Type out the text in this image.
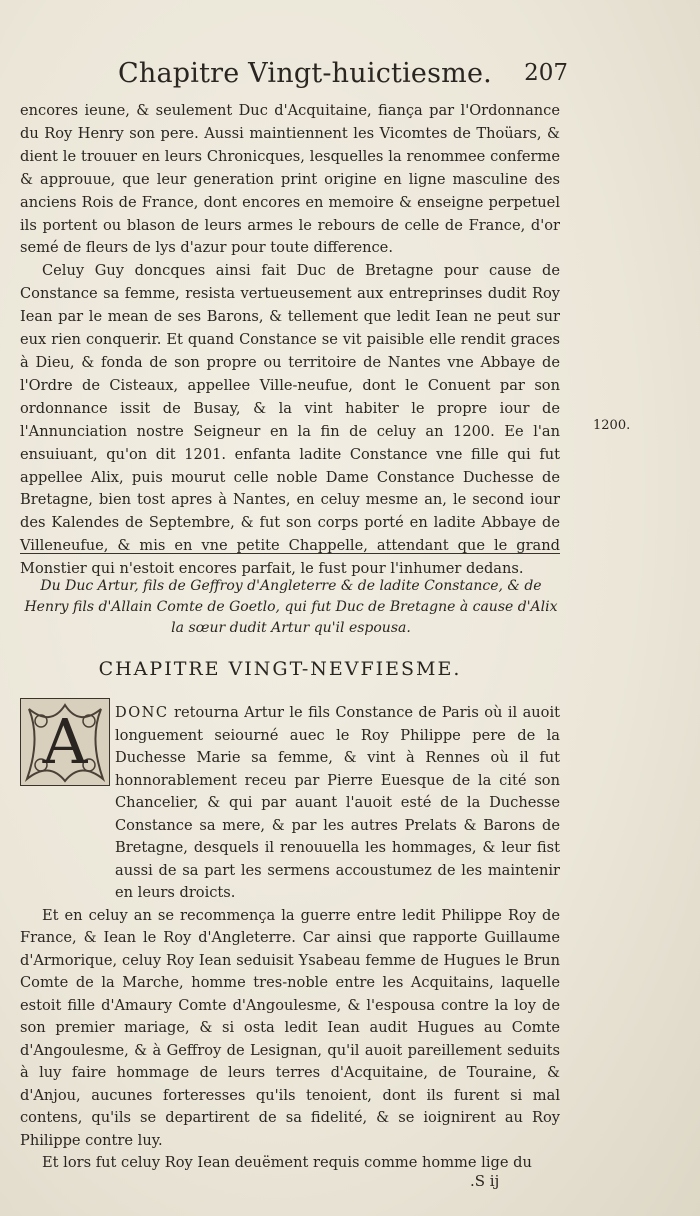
Chapitre Vingt-huictiesme. 207

encores ieune, & seulement Duc d'Acquitaine, fiança par l'Ordonnance du Roy Henry son pere. Aussi maintiennent les Vicomtes de Thoüars, & dient le trouuer en leurs Chronicques, lesquelles la renommee conferme & approuue, que leur generation print origine en ligne masculine des anciens Rois de France, dont encores en memoire & enseigne perpetuel ils portent ou blason de leurs armes le rebours de celle de France, d'or semé de fleurs de lys d'azur pour toute difference.

Celuy Guy doncques ainsi fait Duc de Bretagne pour cause de Constance sa femme, resista vertueusement aux entreprinses dudit Roy Iean par le mean de ses Barons, & tellement que ledit Iean ne peut sur eux rien conquerir. Et quand Constance se vit paisible elle rendit graces à Dieu, & fonda de son propre ou territoire de Nantes vne Abbaye de l'Ordre de Cisteaux, appellee Ville-neufue, dont le Conuent par son ordonnance issit de Busay, & la vint habiter le propre iour de l'Annunciation nostre Seigneur en la fin de celuy an 1200. Ee l'an ensuiuant, qu'on dit 1201. enfanta ladite Constance vne fille qui fut appellee Alix, puis mourut celle noble Dame Constance Duchesse de Bretagne, bien tost apres à Nantes, en celuy mesme an, le second iour des Kalendes de Septembre, & fut son corps porté en ladite Abbaye de Villeneufue, & mis en vne petite Chappelle, attendant que le grand Monstier qui n'estoit encores parfait, le fust pour l'inhumer dedans.

1200.
Du Duc Artur, fils de Geffroy d'Angleterre & de ladite Constance, & de Henry fils d'Allain Comte de Goetlo, qui fut Duc de Bretagne à cause d'Alix la sœur dudit Artur qu'il espousa.
CHAPITRE VINGT-NEVFIESME.
A DONC retourna Artur le fils Constance de Paris où il auoit longuement seiourné auec le Roy Philippe pere de la Duchesse Marie sa femme, & vint à Rennes où il fut honnorablement receu par Pierre Euesque de la cité son Chancelier, & qui par auant l'auoit esté de la Duchesse Constance sa mere, & par les autres Prelats & Barons de Bretagne, desquels il renouuella les hommages, & leur fist aussi de sa part les sermens accoustumez de les maintenir en leurs droicts.

Et en celuy an se recommença la guerre entre ledit Philippe Roy de France, & Iean le Roy d'Angleterre. Car ainsi que rapporte Guillaume d'Armorique, celuy Roy Iean seduisit Ysabeau femme de Hugues le Brun Comte de la Marche, homme tres-noble entre les Acquitains, laquelle estoit fille d'Amaury Comte d'Angoulesme, & l'espousa contre la loy de son premier mariage, & si osta ledit Iean audit Hugues au Comte d'Angoulesme, & à Geffroy de Lesignan, qu'il auoit pareillement seduits à luy faire hommage de leurs terres d'Acquitaine, de Touraine, & d'Anjou, aucunes forteresses qu'ils tenoient, dont ils furent si mal contens, qu'ils se departirent de sa fidelité, & se ioignirent au Roy Philippe contre luy.

Et lors fut celuy Roy Iean deuëment requis comme homme lige du

.S ij
